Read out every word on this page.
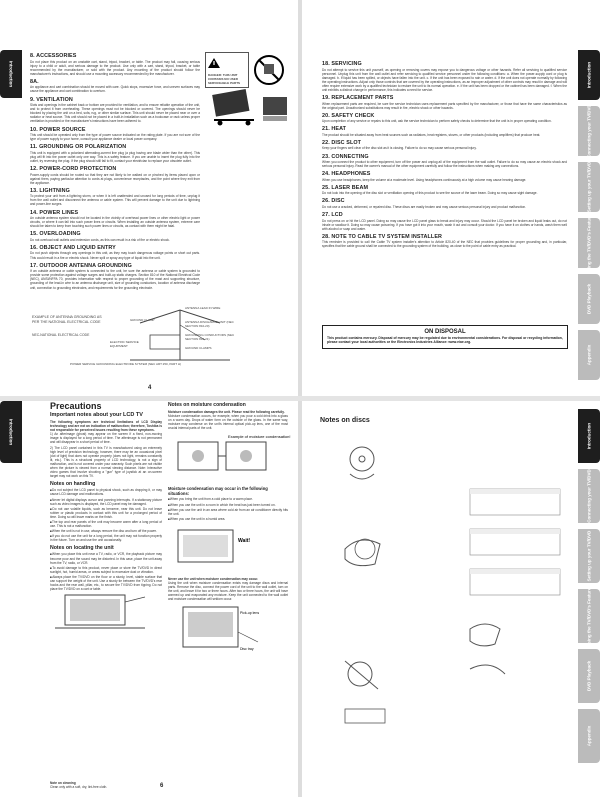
Introduction

8. ACCESSORIES

Do not place this product on an unstable cart, stand, tripod, bracket, or table. The product may fall, causing serious injury to a child or adult, and serious damage to the product. Use only with a cart, stand, tripod, bracket, or table recommended by the manufacturer, or sold with the product. Any mounting of the product should follow the manufacturer's instructions, and should use a mounting accessory recommended by the manufacturer.

8A.

An appliance and cart combination should be moved with care. Quick stops, excessive force, and uneven surfaces may cause the appliance and cart combination to overturn.

9. VENTILATION

Slots and openings in the cabinet back or bottom are provided for ventilation, and to ensure reliable operation of the unit, and to protect it from overheating. These openings must not be blocked or covered. The openings should never be blocked by placing the unit on a bed, sofa, rug, or other similar surface. This unit should never be placed near or over a radiator or heat source. This unit should not be placed in a built-in installation such as a bookcase or rack unless proper ventilation is provided or the manufacturer's instructions have been adhered to.

10. POWER SOURCE

This unit should be operated only from the type of power source indicated on the rating plate. If you are not sure of the type of power supply to your home, consult your appliance dealer or local power company.

11. GROUNDING OR POLARIZATION

This unit is equipped with a polarized alternating-current line plug (a plug having one blade wider than the other). This plug will fit into the power outlet only one way. This is a safety feature. If you are unable to insert the plug fully into the outlet, try reversing the plug. If the plug should still fail to fit, contact your electrician to replace your obsolete outlet.

12. POWER-CORD PROTECTION

Power-supply cords should be routed so that they are not likely to be walked on or pinched by items placed upon or against them, paying particular attention to cords at plugs, convenience receptacles, and the point where they exit from the appliance.

13. LIGHTNING

To protect your unit from a lightning storm, or when it is left unattended and unused for long periods of time, unplug it from the wall outlet and disconnect the antenna or cable system. This will prevent damage to the unit due to lightning and power-line surges.

14. POWER LINES

An outside antenna system should not be located in the vicinity of overhead power lines or other electric light or power circuits, or where it can fall into such power lines or circuits. When installing an outside antenna system, extreme care should be taken to keep from touching such power lines or circuits, as contact with them might be fatal.

15. OVERLOADING

Do not overload wall outlets and extension cords, as this can result in a risk of fire or electric shock.

16. OBJECT AND LIQUID ENTRY

Do not push objects through any openings in this unit, as they may touch dangerous voltage points or short out parts. This could result in a fire or electric shock. Never spill or spray any type of liquid into the unit.

17. OUTDOOR ANTENNA GROUNDING

If an outside antenna or cable system is connected to the unit, be sure the antenna or cable system is grounded to provide some protection against voltage surges and built-up static charges. Section 810 of the National Electrical Code (NEC), ANSI/NFPA 70, provides information with respect to proper grounding of the mast and supporting structure, grounding of the lead-in wire to an antenna discharge unit, size of grounding conductors, location of antenna discharge unit, connection to grounding electrodes, and requirements for the grounding electrode.

DANGER: THIS UNIT CONTAINS NO USER SERVICEABLE PARTS
EXAMPLE OF ANTENNA GROUNDING AS PER THE NATIONAL ELECTRICAL CODE
NEC-NATIONAL ELECTRICAL CODE
ANTENNA LEAD IN WIRE
GROUND CLAMP	ANTENNA DISCHARGE UNIT (NEC SECTION 810-20)
ELECTRIC SERVICE EQUIPMENT
GROUNDING CONDUCTORS (NEC SECTION 810-21)
GROUND CLAMPS
POWER SERVICE GROUNDING ELECTRODE SYSTEM (NEC ART 250, PART H)
4

18. SERVICING

Do not attempt to service this unit yourself, as opening or removing covers may expose you to dangerous voltage or other hazards. Refer all servicing to qualified service personnel. Unplug this unit from the wall outlet and refer servicing to qualified service personnel under the following conditions: a. When the power-supply cord or plug is damaged. b. If liquid has been spilled, or objects have fallen into the unit. c. If the unit has been exposed to rain or water. d. If the unit does not operate normally by following the operating instructions. Adjust only those controls that are covered by the operating instructions, as an improper adjustment of other controls may result in damage and will often require extensive work by a qualified technician to restore the unit to its normal operation. e. If the unit has been dropped or the cabinet has been damaged. f. When the unit exhibits a distinct change in performance, this indicates a need for service.

19. REPLACEMENT PARTS

When replacement parts are required, be sure the service technician uses replacement parts specified by the manufacturer, or those that have the same characteristics as the original part. Unauthorized substitutions may result in fire, electric shock or other hazards.

20. SAFETY CHECK

Upon completion of any service or repairs to this unit, ask the service technician to perform safety checks to determine that the unit is in proper operating condition.

21. HEAT

The product should be situated away from heat sources such as radiators, heat registers, stoves, or other products (including amplifiers) that produce heat.

22. DISC SLOT

Keep your fingers well clear of the disc slot as it is closing. Failure to do so may cause serious personal injury.

23. CONNECTING

When you connect the product to other equipment, turn off the power and unplug all of the equipment from the wall outlet. Failure to do so may cause an electric shock and serious personal injury. Read the owner's manual of the other equipment carefully and follow the instructions when making any connections.

24. HEADPHONES

When you use headphones, keep the volume at a moderate level. Using headphones continuously at a high volume may cause hearing damage.

25. LASER BEAM

Do not look into the opening of the disc slot or ventilation opening of this product to see the source of the laser beam. Doing so may cause sight damage.

26. DISC

Do not use a cracked, deformed, or repaired disc. These discs are easily broken and may cause serious personal injury and product malfunction.

27. LCD

Do not press on or hit the LCD panel. Doing so may cause the LCD panel glass to break and injury may occur. Should the LCD panel be broken and liquid leaks out, do not inhale or swallow it. Doing so may cause poisoning. If you have got it into your mouth, wash it out and consult your doctor. If you have it on clothes or hands, wash them well with alcohol or soap and water.

28. NOTE TO CABLE TV SYSTEM INSTALLER

This reminder is provided to call the Cable TV system installer's attention to Article 820-40 of the NEC that provides guidelines for proper grounding and, in particular, specifies that the cable ground shall be connected to the grounding system of the building, as close to the point of cable entry as practical.

ON DISPOSAL

This product contains mercury. Disposal of mercury may be regulated due to environmental considerations. For disposal or recycling information, please contact your local authorities or the Electronics Industries Alliance: www.eiae.org.

Introduction
Connecting your TV/DVD
Setting up your TV/DVD
Using the TV/DVD's Features
DVD Playback
Appendix
Introduction

Precautions

Important notes about your LCD TV

The following symptoms are technical limitations of LCD Display technology and are not an indication of malfunction; therefore, Toshiba is not responsible for perceived issues resulting from these symptoms.

1) An afterimage (ghost) may appear on the screen if a fixed, non-moving image is displayed for a long period of time. The afterimage is not permanent and will disappear in a short period of time.

2) The LCD panel contained in this TV is manufactured using an extremely high level of precision technology; however, there may be an occasional pixel (dot of light) that does not operate properly (does not light, remains constantly lit, etc.). This is a structural property of LCD technology, is not a sign of malfunction, and is not covered under your warranty. Such pixels are not visible when the picture is viewed from a normal viewing distance. Note: Interactive video games that involve shooting a "gun" type of joystick at an on-screen target may not work on this TV.

Notes on handling

■ Do not subject the LCD panel to physical shock, such as dropping it, or may cause LCD damage and malfunctions.

■ Never let digital displays cursor and panning interrupts. If a stationary picture such as video images is displayed, the LCD panel may be damaged.

■ Do not use volatile liquids, such as benzene, near this unit. Do not leave rubber or plastic products in contact with this unit for a prolonged period of time. Doing so will leave marks on the finish.

■ The top and rear panels of the unit may become warm after a long period of use. This is not a malfunction.

■ When the unit is not in use, always remove the disc and turn off the power.

■ If you do not use the unit for a long period, the unit may not function properly in the future. Turn on and use the unit occasionally.

Notes on locating the unit

■ When you place this unit near a TV, radio, or VCR, the playback picture may become poor and the sound may be distorted. In this case, place the unit away from the TV, radio, or VCR.

■ To avoid damage to this product, never place or store the TV/DVD in direct sunlight, hot, humid areas, or areas subject to excessive dust or vibration.

■ Always place the TV/DVD on the floor or a sturdy, level, stable surface that can support the weight of the unit. Use a sturdy tie between the TV/DVD's rear hooks and the rear wall, pillar, etc., to secure the TV/DVD from tipping. Do not place the TV/DVD on a cart or table.

Note on cleaning

Clean only with a soft, dry, lint-free cloth.

Notes on moisture condensation

Moisture condensation damages the unit. Please read the following carefully.

Moisture condensation occurs, for example, when you pour a cold drink into a glass on a warm day. Drops of water form on the outside of the glass. In the same way, moisture may condense on the unit's internal optical pick-up lens, one of the most crucial internal parts of the unit.

Example of moisture condensation!

Moisture condensation may occur in the following situations:

■ When you bring the unit from a cold place to a warm place.

■ When you use the unit in a room in which the heat has just been turned on.

■ When you use the unit in an area where cold air from an air conditioner directly hits the unit.

■ When you use the unit in a humid area.

Wait!

Never use the unit when moisture condensation may occur.

Using the unit when moisture condensation exists may damage discs and internal parts. Remove the disc, connect the power cord of the unit to the wall outlet, turn on the unit, and leave it for two or three hours. After two or three hours, the unit will have warmed up and evaporated any moisture. Keep the unit connected to the wall outlet and moisture condensation will seldom occur.

Disc tray
Pick-up lens
6

Notes on discs

Introduction
Connecting your TV/DVD
Setting up your TV/DVD
Using the TV/DVD's Features
DVD Playback
Appendix
